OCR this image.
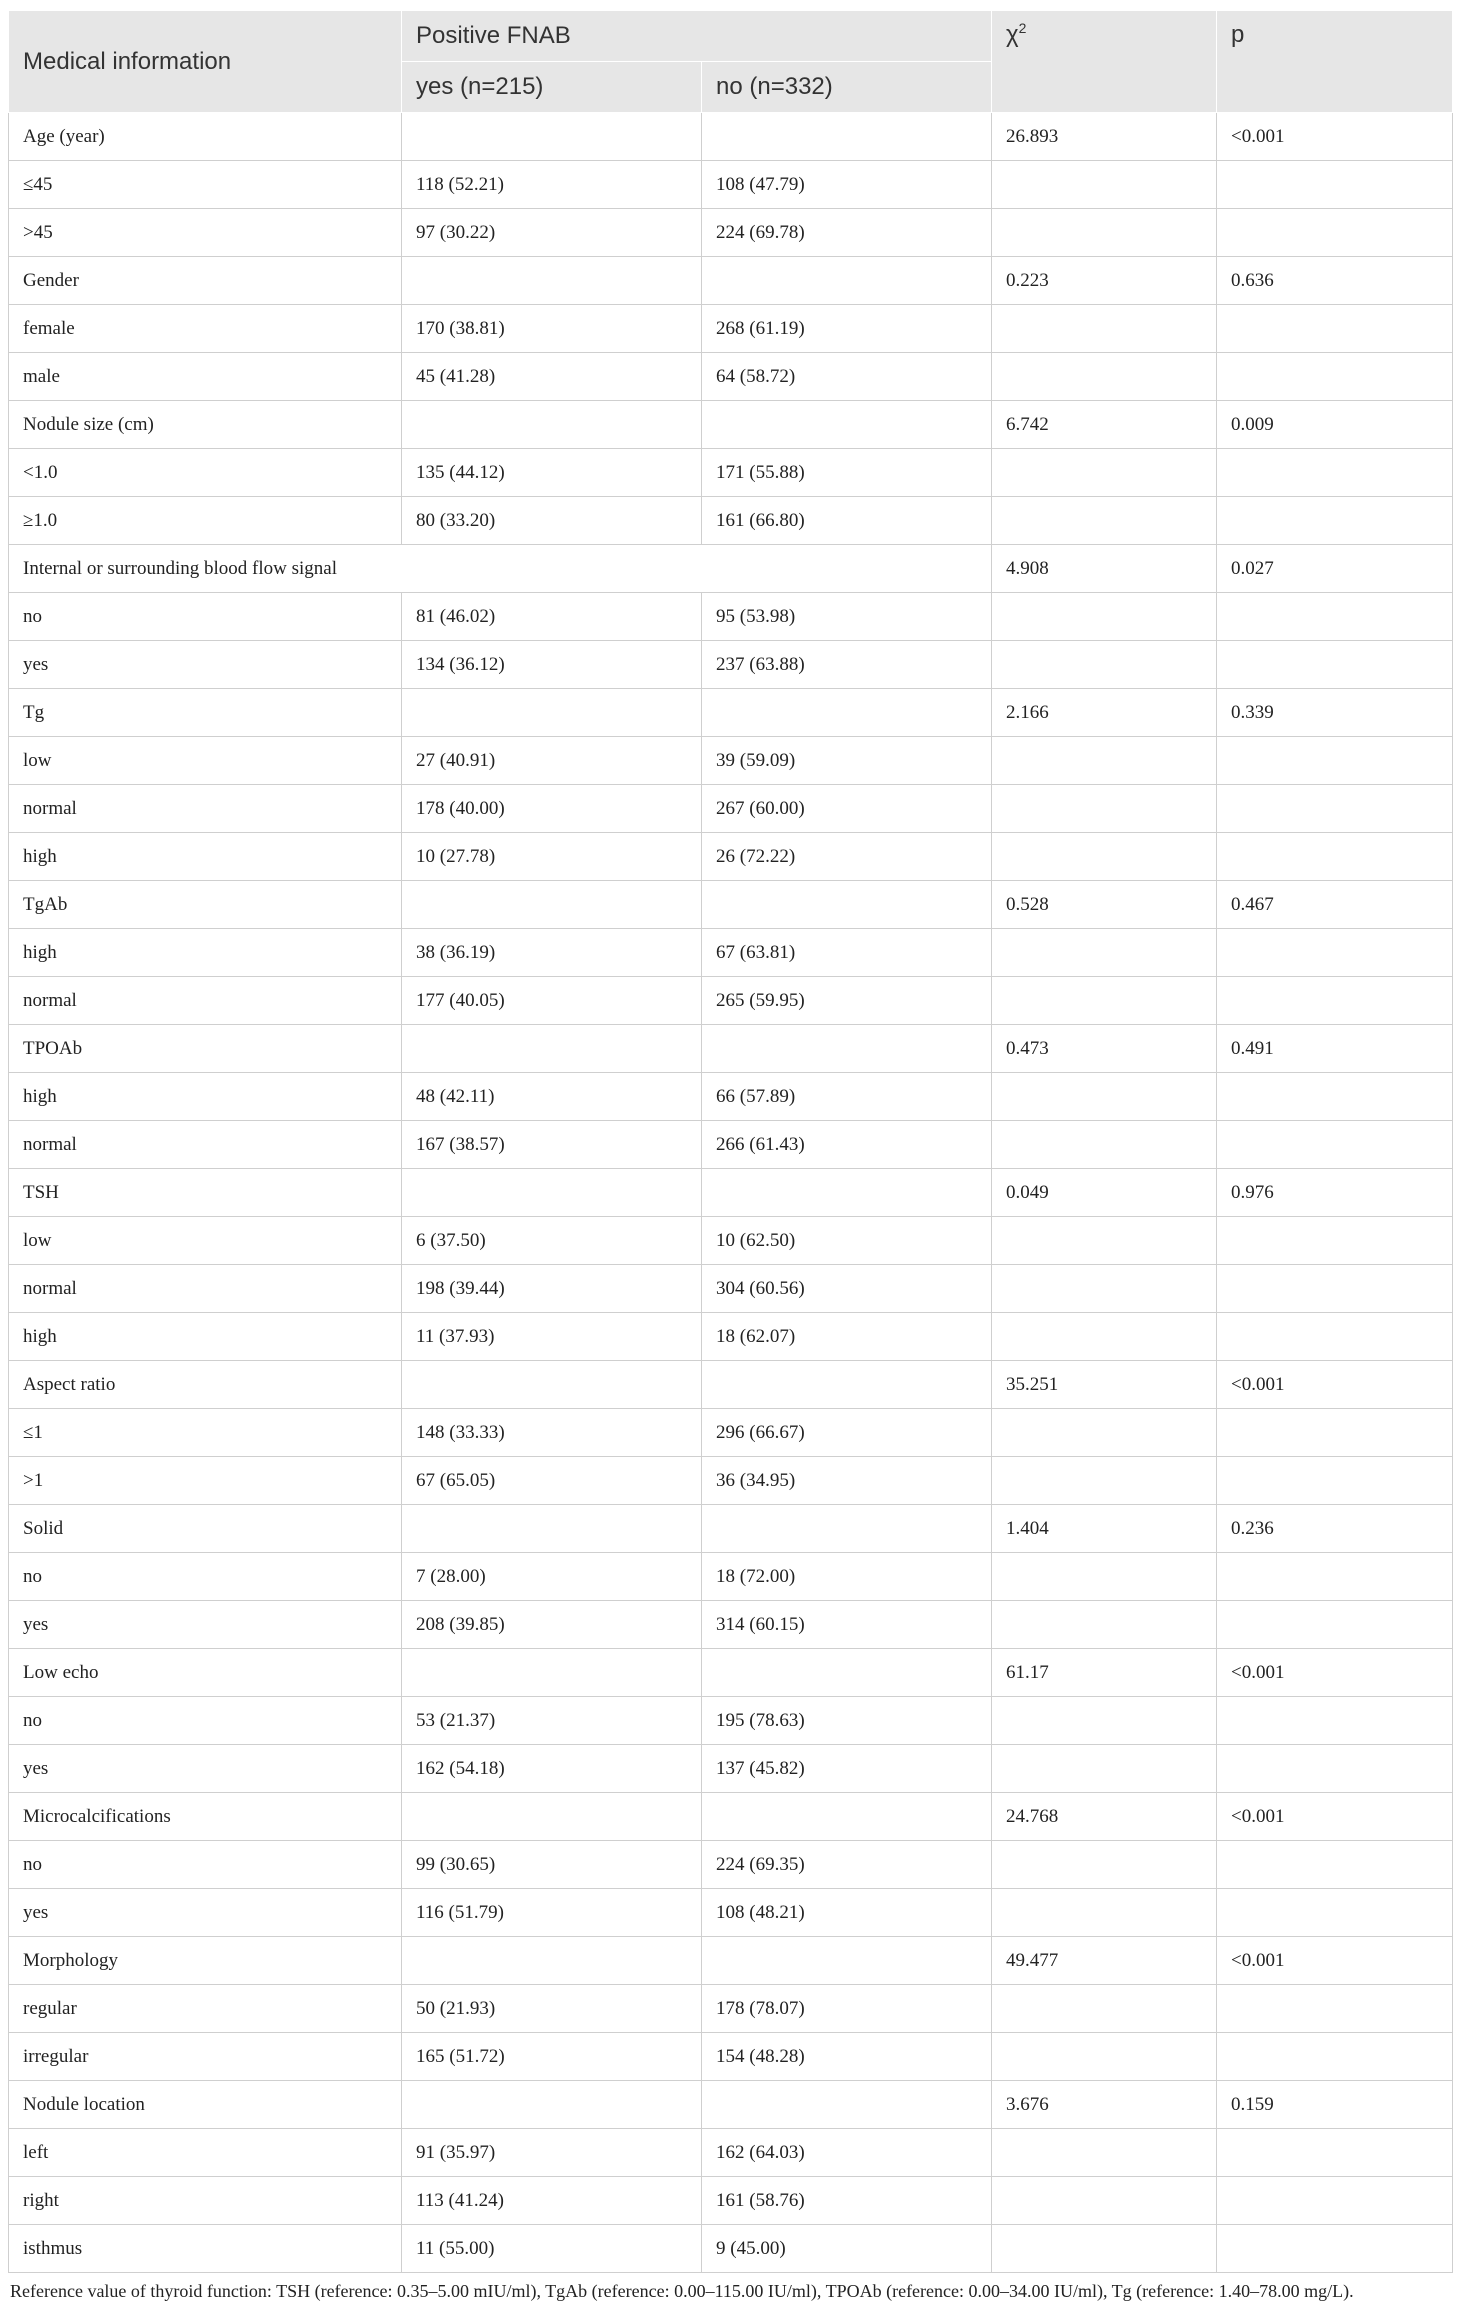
Medical information	Positive FNAB		$\chi^2$	p
	yes (n=215)	no (n=332)		
Age (year)			26.893	<0.001
≤45	118 (52.21)	108 (47.79)		
>45	97 (30.22)	224 (69.78)		
Gender			0.223	0.636
female	170 (38.81)	268 (61.19)		
male	45 (41.28)	64 (58.72)		
Nodule size (cm)			6.742	0.009
<1.0	135 (44.12)	171 (55.88)		
≥1.0	80 (33.20)	161 (66.80)		
Internal or surrounding blood flow signal			4.908	0.027
no	81 (46.02)	95 (53.98)		
yes	134 (36.12)	237 (63.88)		
Tg			2.166	0.339
low	27 (40.91)	39 (59.09)		
normal	178 (40.00)	267 (60.00)		
high	10 (27.78)	26 (72.22)		
TgAb			0.528	0.467
high	38 (36.19)	67 (63.81)		
normal	177 (40.05)	265 (59.95)		
TPOAb			0.473	0.491
high	48 (42.11)	66 (57.89)		
normal	167 (38.57)	266 (61.43)		
TSH			0.049	0.976
low	6 (37.50)	10 (62.50)		
normal	198 (39.44)	304 (60.56)		
high	11 (37.93)	18 (62.07)		
Aspect ratio			35.251	<0.001
≤1	148 (33.33)	296 (66.67)		
>1	67 (65.05)	36 (34.95)		
Solid			1.404	0.236
no	7 (28.00)	18 (72.00)		
yes	208 (39.85)	314 (60.15)		
Low echo			61.17	<0.001
no	53 (21.37)	195 (78.63)		
yes	162 (54.18)	137 (45.82)		
Microcalcifications			24.768	<0.001
no	99 (30.65)	224 (69.35)		
yes	116 (51.79)	108 (48.21)		
Morphology			49.477	<0.001
regular	50 (21.93)	178 (78.07)		
irregular	165 (51.72)	154 (48.28)		
Nodule location			3.676	0.159
left	91 (35.97)	162 (64.03)		
right	113 (41.24)	161 (58.76)		
isthmus	11 (55.00)	9 (45.00)		
Reference value of thyroid function: TSH (reference: 0.35–5.00 mIU/ml), TgAb (reference: 0.00–115.00 IU/ml), TPOAb (reference: 0.00–34.00 IU/ml), Tg (reference: 1.40–78.00 mg/L).
